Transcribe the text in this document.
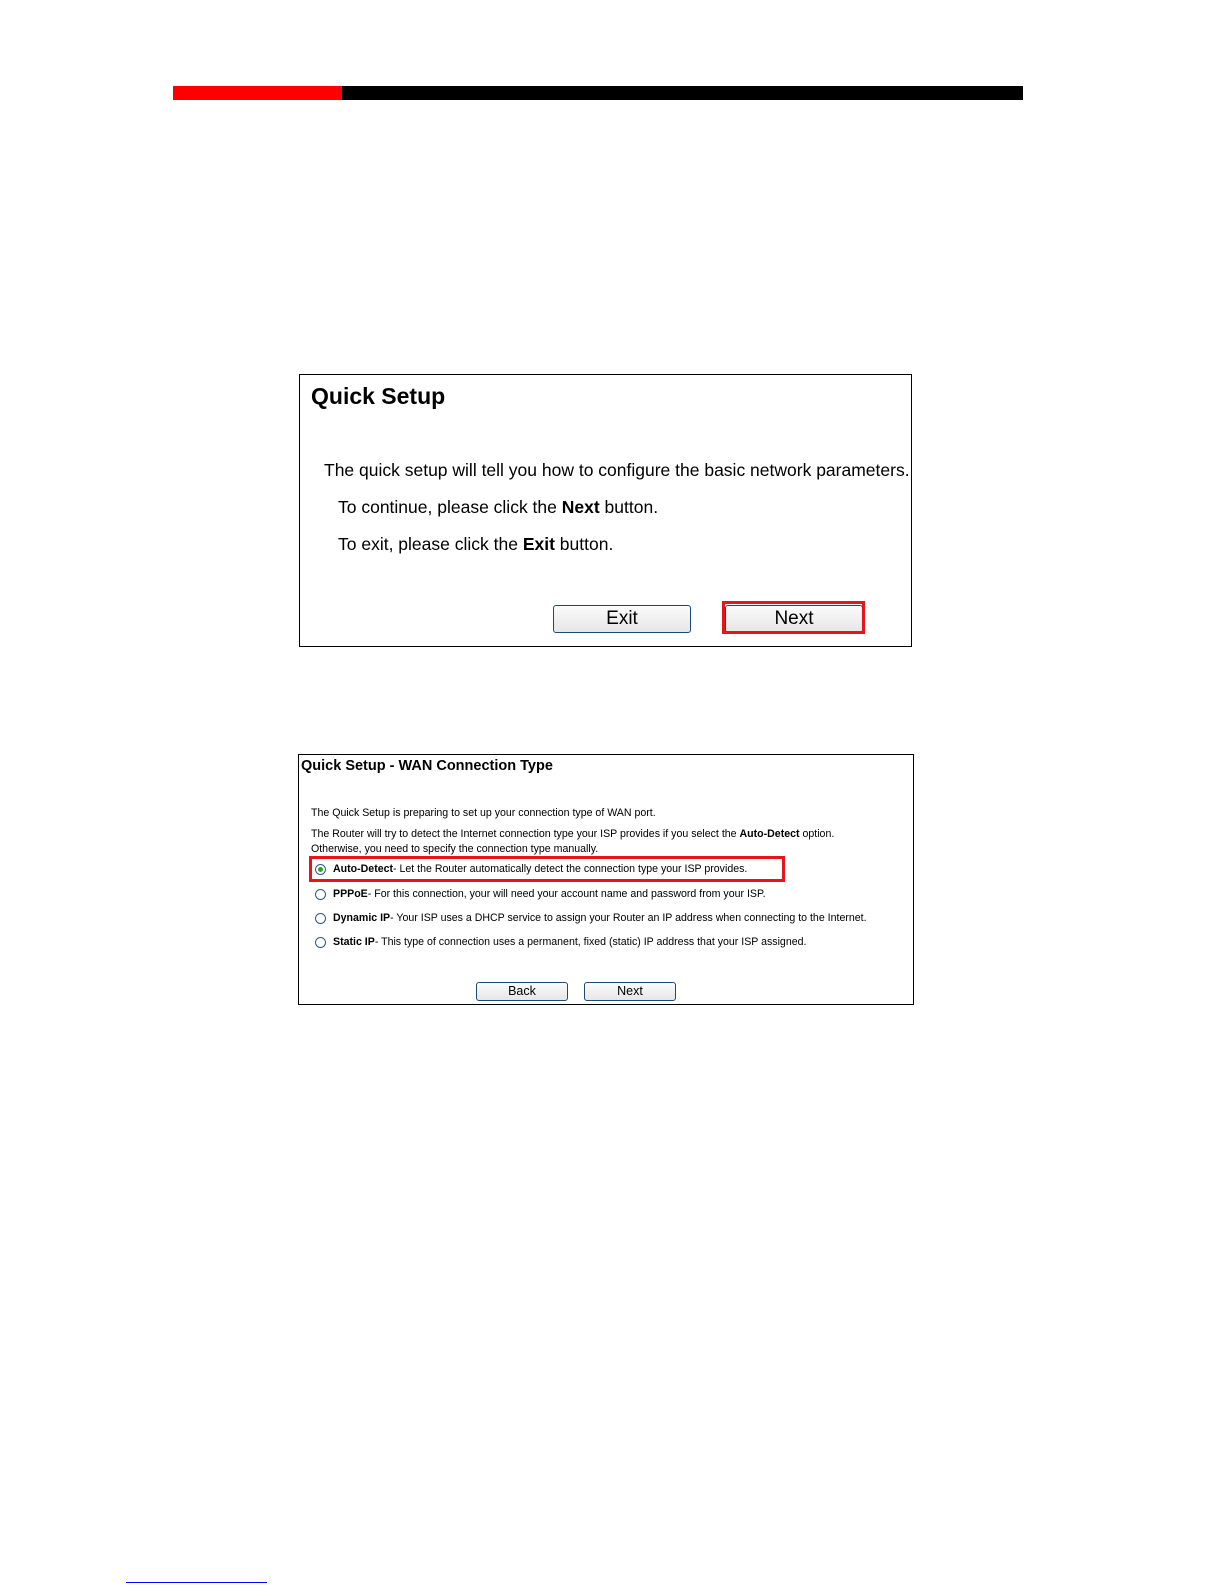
Quick Setup
The quick setup will tell you how to configure the basic network parameters.
To continue, please click the Next button.
To exit, please click the Exit button.
Exit	Next
Quick Setup - WAN Connection Type
The Quick Setup is preparing to set up your connection type of WAN port.
The Router will try to detect the Internet connection type your ISP provides if you select the Auto-Detect option.
Otherwise, you need to specify the connection type manually.
Auto-Detect - Let the Router automatically detect the connection type your ISP provides.
PPPoE - For this connection, your will need your account name and password from your ISP.
Dynamic IP - Your ISP uses a DHCP service to assign your Router an IP address when connecting to the Internet.
Static IP - This type of connection uses a permanent, fixed (static) IP address that your ISP assigned.
Back	Next
